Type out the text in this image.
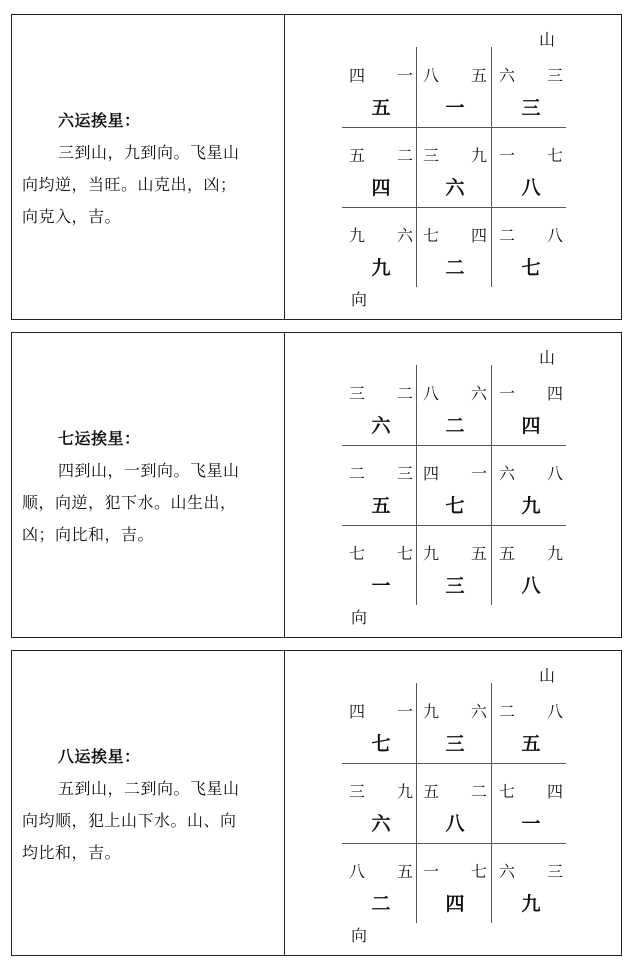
六运挨星：
三到山，九到向。飞星山
向均逆，当旺。山克出，凶；
向克入，吉。
山
向
四 一
五
八 五
一
六 三
三
五 二
四
三 九
六
一 七
八
九 六
九
七 四
二
二 八
七
七运挨星：
四到山，一到向。飞星山
顺，向逆，犯下水。山生出，
凶；向比和，吉。
山
向
三 二
六
八 六
二
一 四
四
二 三
五
四 一
七
六 八
九
七 七
一
九 五
三
五 九
八
八运挨星：
五到山，二到向。飞星山
向均顺，犯上山下水。山、向
均比和，吉。
山
向
四 一
七
九 六
三
二 八
五
三 九
六
五 二
八
七 四
一
八 五
二
一 七
四
六 三
九
